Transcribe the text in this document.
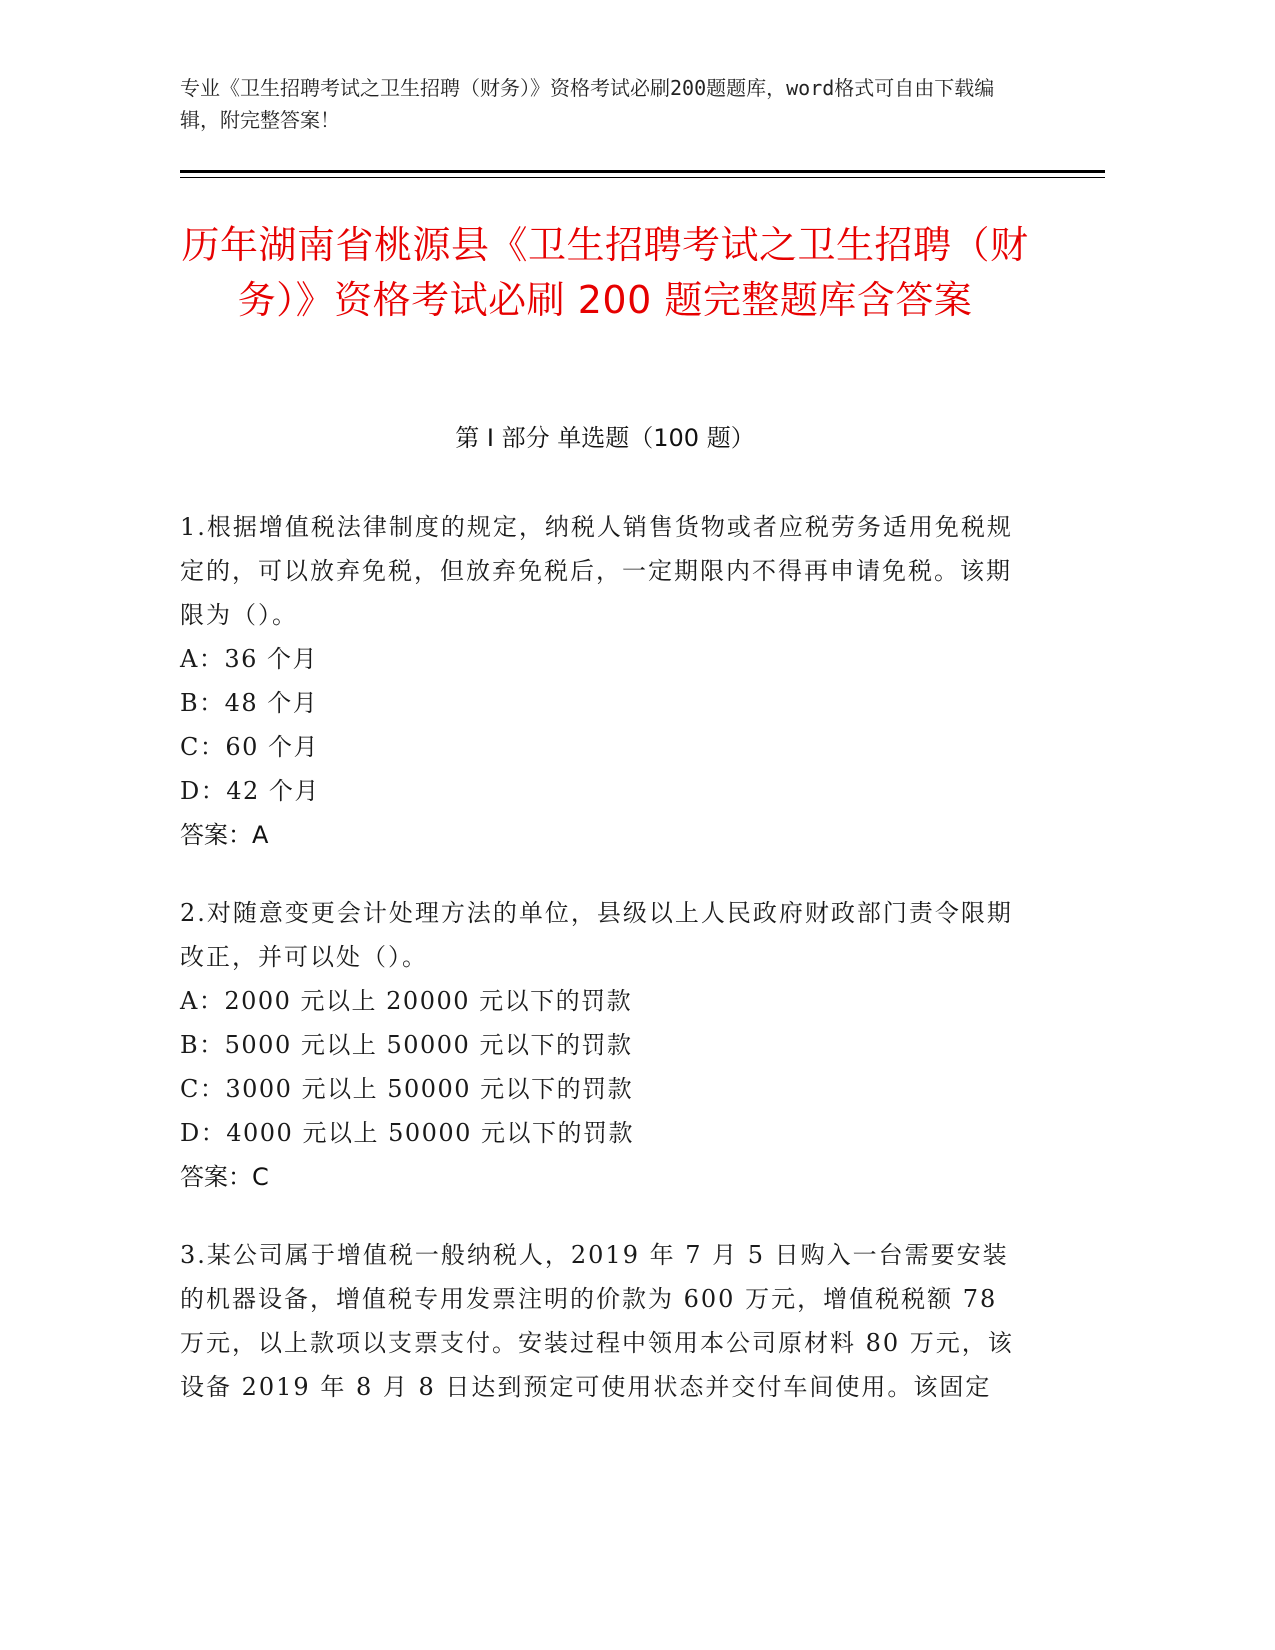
专业《卫生招聘考试之卫生招聘（财务）》资格考试必刷200题题库，word格式可自由下载编辑，附完整答案！
历年湖南省桃源县《卫生招聘考试之卫生招聘（财务）》资格考试必刷 200 题完整题库含答案
第 I 部分 单选题（100 题）
1.根据增值税法律制度的规定，纳税人销售货物或者应税劳务适用免税规定的，可以放弃免税，但放弃免税后，一定期限内不得再申请免税。该期限为（）。
A：36 个月
B：48 个月
C：60 个月
D：42 个月
答案：A
2.对随意变更会计处理方法的单位，县级以上人民政府财政部门责令限期改正，并可以处（）。
A：2000 元以上 20000 元以下的罚款
B：5000 元以上 50000 元以下的罚款
C：3000 元以上 50000 元以下的罚款
D：4000 元以上 50000 元以下的罚款
答案：C
3.某公司属于增值税一般纳税人，2019 年 7 月 5 日购入一台需要安装的机器设备，增值税专用发票注明的价款为 600 万元，增值税税额 78 万元，以上款项以支票支付。安装过程中领用本公司原材料 80 万元，该设备 2019 年 8 月 8 日达到预定可使用状态并交付车间使用。该固定
